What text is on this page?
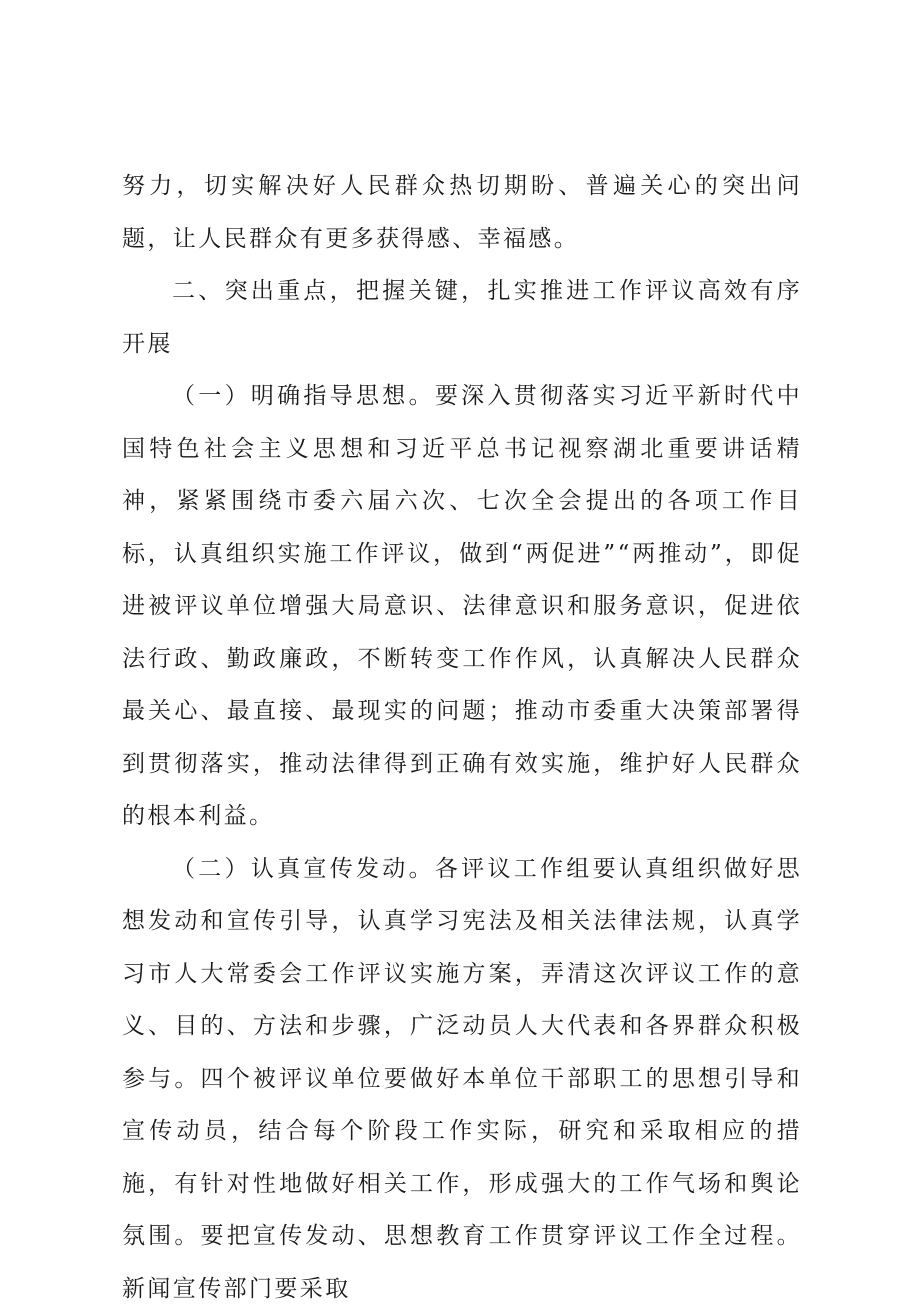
努力，切实解决好人民群众热切期盼、普遍关心的突出问题，让人民群众有更多获得感、幸福感。

二、突出重点，把握关键，扎实推进工作评议高效有序开展

（一）明确指导思想。要深入贯彻落实习近平新时代中国特色社会主义思想和习近平总书记视察湖北重要讲话精神，紧紧围绕市委六届六次、七次全会提出的各项工作目标，认真组织实施工作评议，做到“两促进”“两推动”，即促进被评议单位增强大局意识、法律意识和服务意识，促进依法行政、勤政廉政，不断转变工作作风，认真解决人民群众最关心、最直接、最现实的问题；推动市委重大决策部署得到贯彻落实，推动法律得到正确有效实施，维护好人民群众的根本利益。

（二）认真宣传发动。各评议工作组要认真组织做好思想发动和宣传引导，认真学习宪法及相关法律法规，认真学习市人大常委会工作评议实施方案，弄清这次评议工作的意义、目的、方法和步骤，广泛动员人大代表和各界群众积极参与。四个被评议单位要做好本单位干部职工的思想引导和宣传动员，结合每个阶段工作实际，研究和采取相应的措施，有针对性地做好相关工作，形成强大的工作气场和舆论氛围。要把宣传发动、思想教育工作贯穿评议工作全过程。新闻宣传部门要采取
